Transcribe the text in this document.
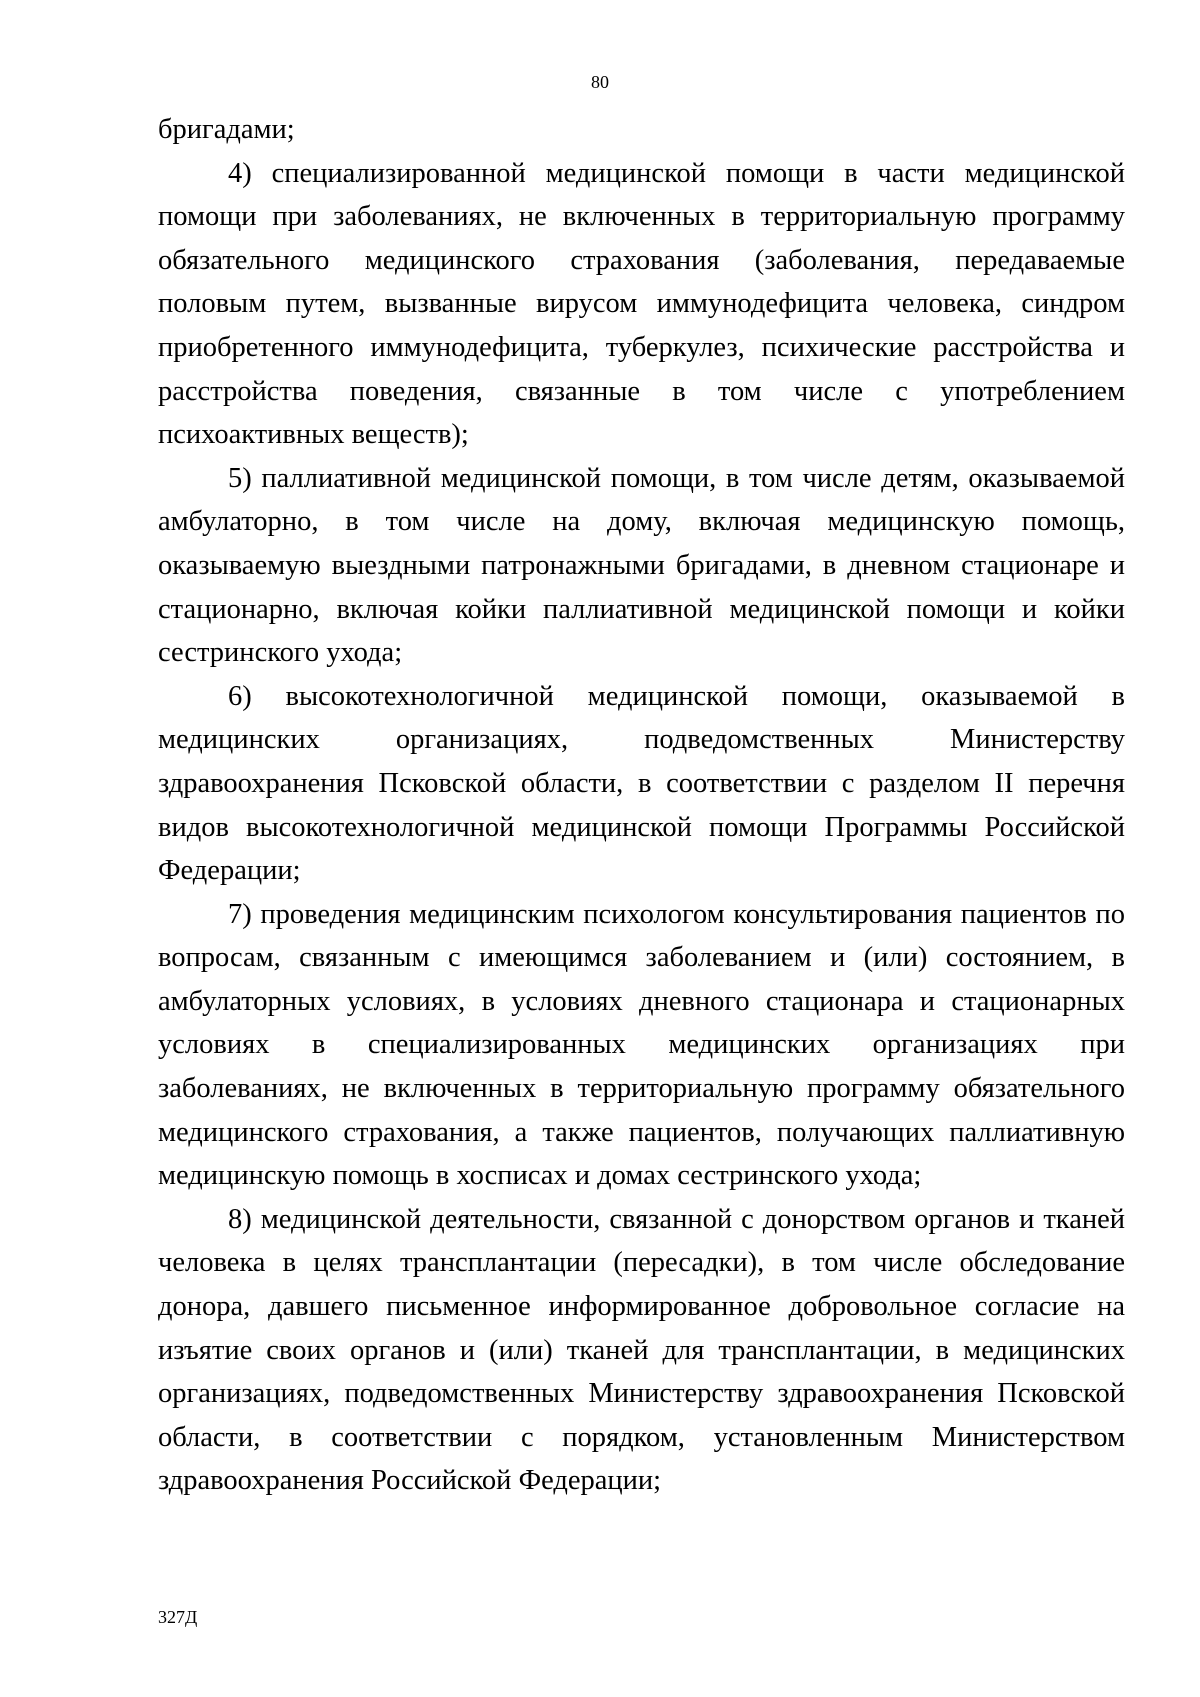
80

бригадами;

4) специализированной медицинской помощи в части медицинской помощи при заболеваниях, не включенных в территориальную программу обязательного медицинского страхования (заболевания, передаваемые половым путем, вызванные вирусом иммунодефицита человека, синдром приобретенного иммунодефицита, туберкулез, психические расстройства и расстройства поведения, связанные в том числе с употреблением психоактивных веществ);

5) паллиативной медицинской помощи, в том числе детям, оказываемой амбулаторно, в том числе на дому, включая медицинскую помощь, оказываемую выездными патронажными бригадами, в дневном стационаре и стационарно, включая койки паллиативной медицинской помощи и койки сестринского ухода;

6) высокотехнологичной медицинской помощи, оказываемой в медицинских организациях, подведомственных Министерству здравоохранения Псковской области, в соответствии с разделом II перечня видов высокотехнологичной медицинской помощи Программы Российской Федерации;

7) проведения медицинским психологом консультирования пациентов по вопросам, связанным с имеющимся заболеванием и (или) состоянием, в амбулаторных условиях, в условиях дневного стационара и стационарных условиях в специализированных медицинских организациях при заболеваниях, не включенных в территориальную программу обязательного медицинского страхования, а также пациентов, получающих паллиативную медицинскую помощь в хосписах и домах сестринского ухода;

8) медицинской деятельности, связанной с донорством органов и тканей человека в целях трансплантации (пересадки), в том числе обследование донора, давшего письменное информированное добровольное согласие на изъятие своих органов и (или) тканей для трансплантации, в медицинских организациях, подведомственных Министерству здравоохранения Псковской области, в соответствии с порядком, установленным Министерством здравоохранения Российской Федерации;

327Д
